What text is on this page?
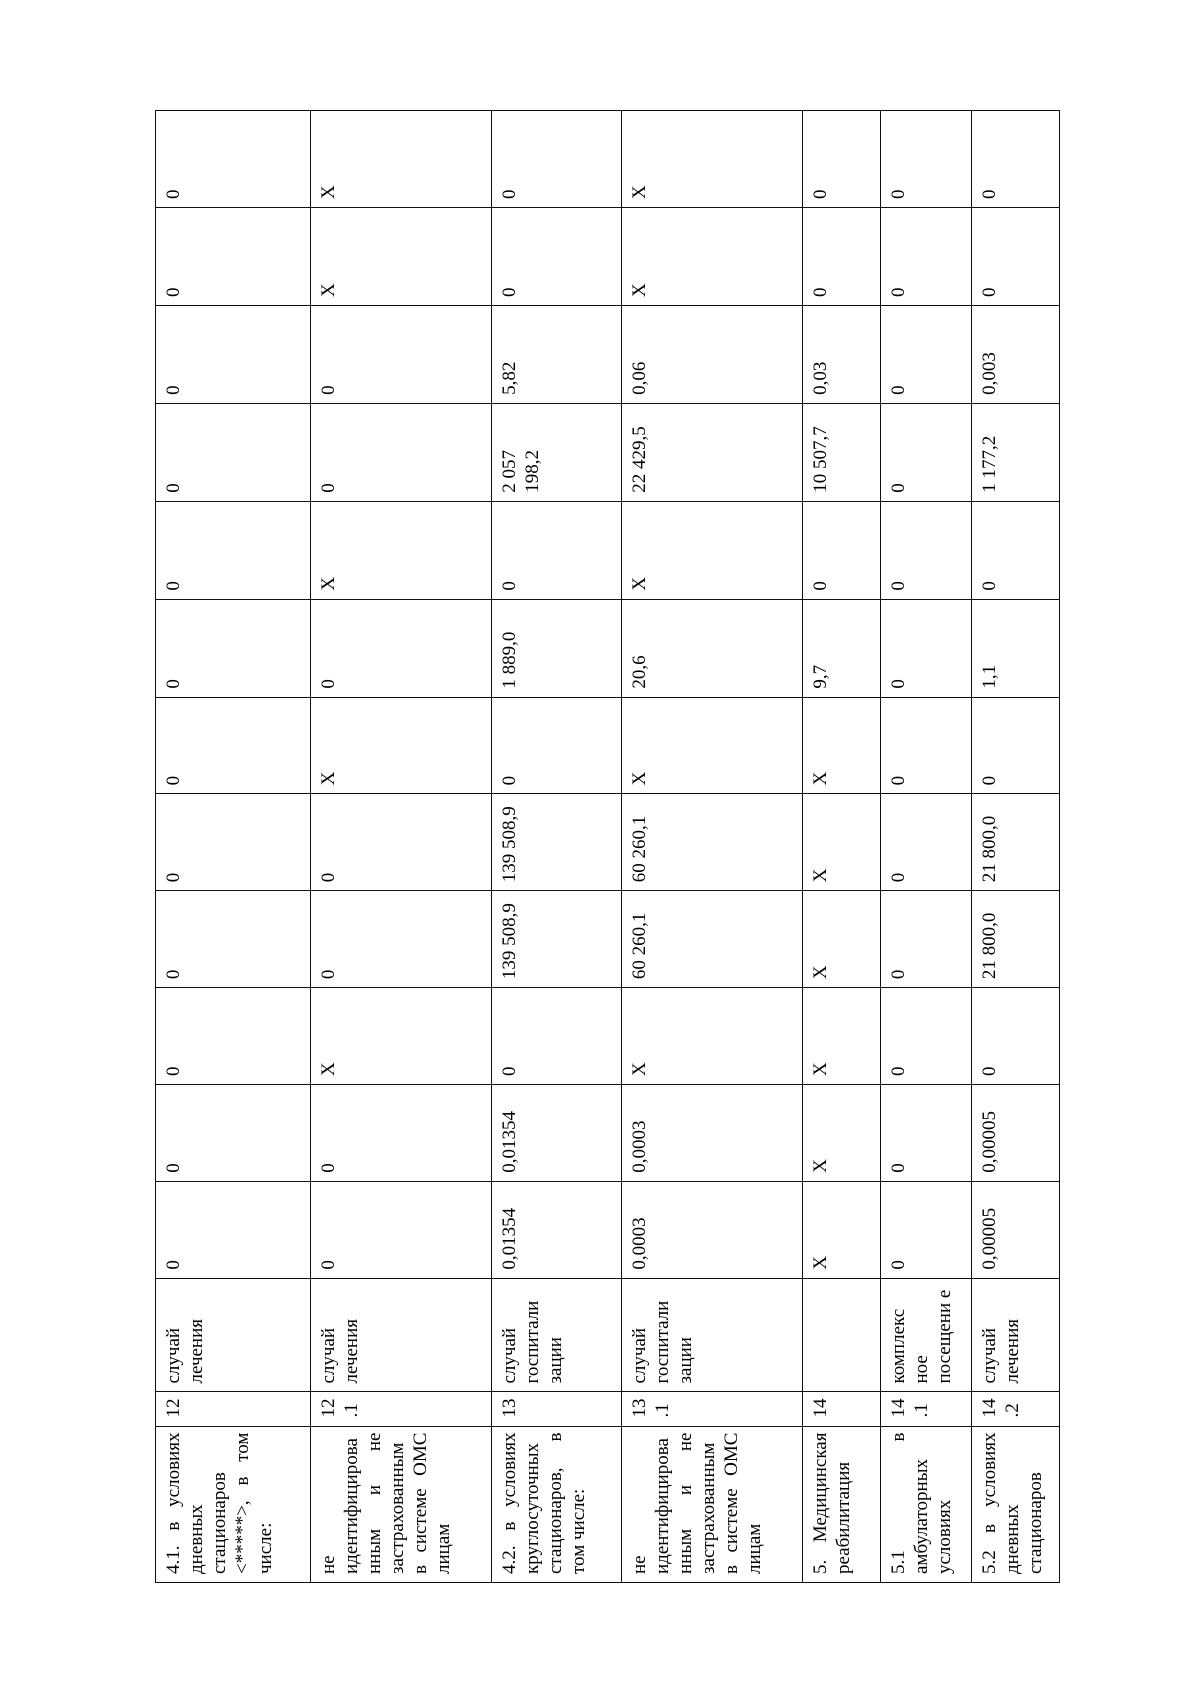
4.1. в условиях дневных стационаров <*****>, в том числе:	12	случай лечения	0	0	0	0	0	0	0	0	0	0	0	0
не идентифицирова нным и не застрахованным в системе ОМС лицам	12.1	случай лечения	0	0	X	0	0	X	0	X	0	0	X	X
4.2. в условиях круглосуточных стационаров, в том числе:	13	случай госпитали зации	0,01354	0,01354	0	139 508,9	139 508,9	0	1 889,0	0	2 057 198,2	5,82	0	0
не идентифицирова нным и не застрахованным в системе ОМС лицам	13.1	случай госпитали зации	0,0003	0,0003	X	60 260,1	60 260,1	X	20,6	X	22 429,5	0,06	X	X
5. Медицинская реабилитация	14		X	X	X	X	X	X	9,7	0	10 507,7	0,03	0	0
5.1 в амбулаторных условиях	14.1	комплекс ное посещени е	0	0	0	0	0	0	0	0	0	0	0	0
5.2 в условиях дневных стационаров	14.2	случай лечения	0,00005	0,00005	0	21 800,0	21 800,0	0	1,1	0	1 177,2	0,003	0	0
